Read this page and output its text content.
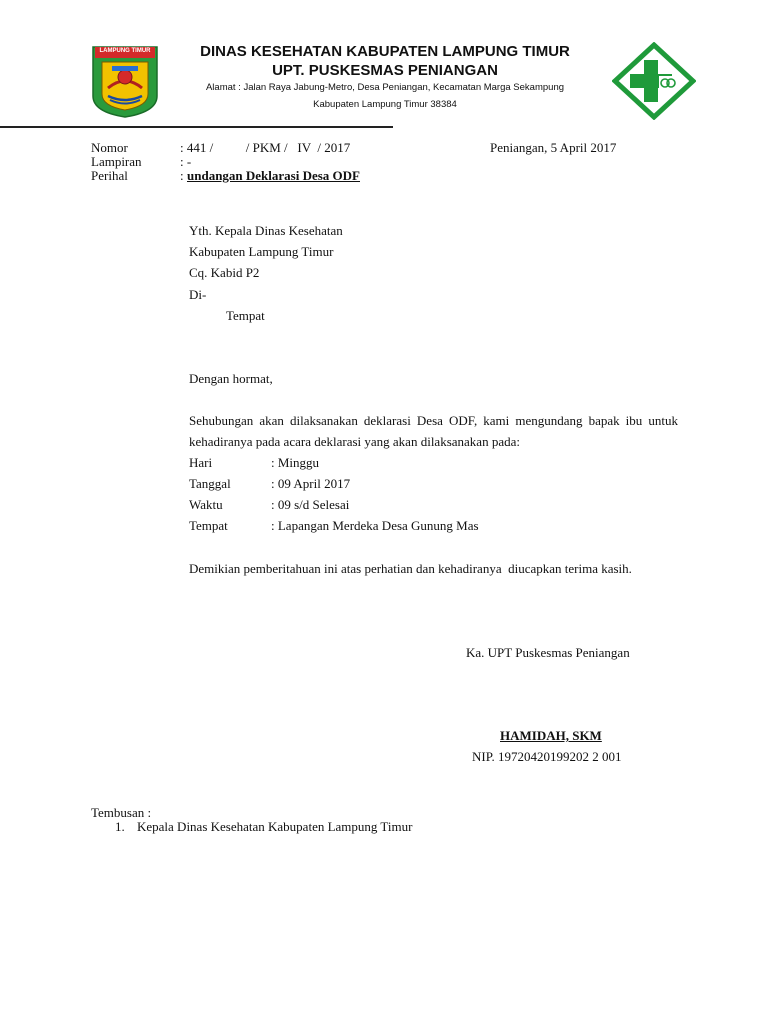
LAMPUNG TIMUR	DINAS KESEHATAN KABUPATEN LAMPUNG TIMUR
UPT. PUSKESMAS PENIANGAN
Alamat : Jalan Raya Jabung-Metro, Desa Peniangan, Kecamatan Marga Sekampung
Kabupaten Lampung Timur 38384
Nomor	: 441 /          / PKM /   IV  / 2017	Peniangan, 5 April 2017
Lampiran	: -
Perihal	: undangan Deklarasi Desa ODF
Yth. Kepala Dinas Kesehatan
Kabupaten Lampung Timur
Cq. Kabid P2
Di-
Tempat
Dengan hormat,
Sehubungan akan dilaksanakan deklarasi Desa ODF, kami mengundang bapak ibu untuk kehadiranya pada acara deklarasi yang akan dilaksanakan pada:
Hari	: Minggu
Tanggal	: 09 April 2017
Waktu	: 09 s/d Selesai
Tempat	: Lapangan Merdeka Desa Gunung Mas
Demikian pemberitahuan ini atas perhatian dan kehadiranya  diucapkan terima kasih.
Ka. UPT Puskesmas Peniangan
HAMIDAH, SKM
NIP. 19720420199202 2 001
Tembusan :
1. Kepala Dinas Kesehatan Kabupaten Lampung Timur
